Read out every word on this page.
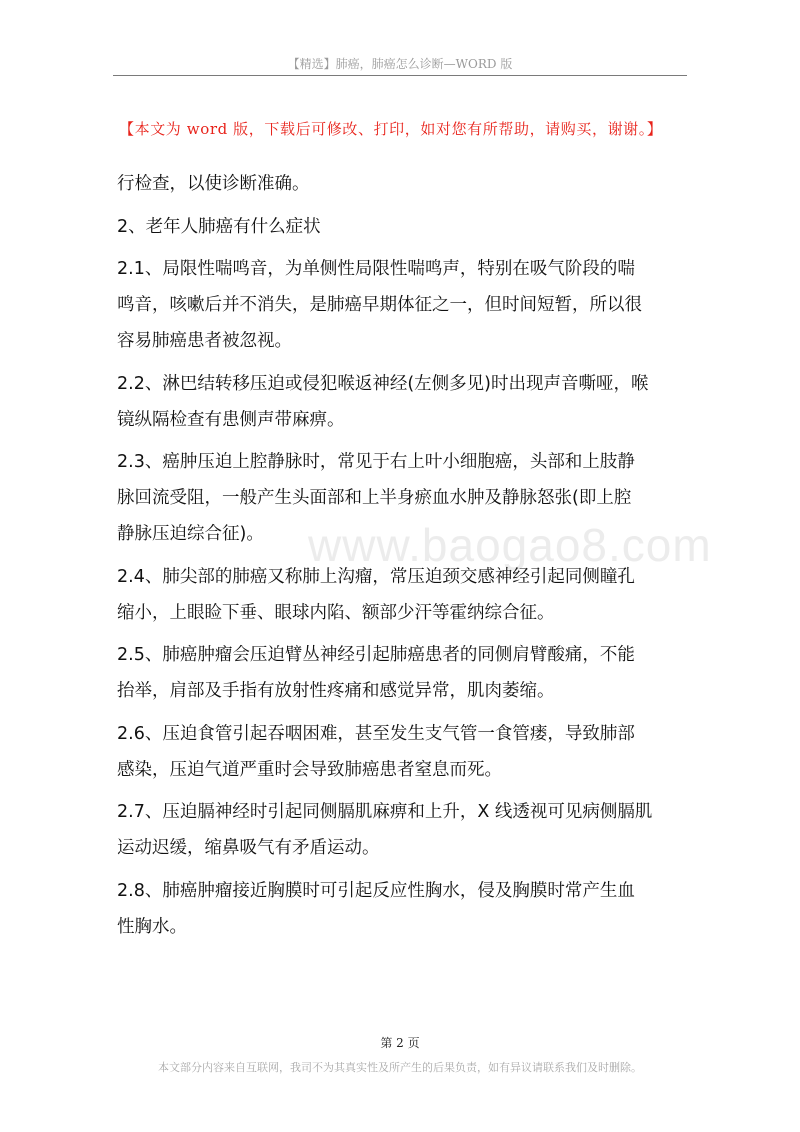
【精选】肺癌，肺癌怎么诊断—WORD 版
【本文为 word 版，下载后可修改、打印，如对您有所帮助，请购买，谢谢。】
www.baogao8.com

行检查，以使诊断准确。

2、老年人肺癌有什么症状

2.1、局限性喘鸣音，为单侧性局限性喘鸣声，特别在吸气阶段的喘
鸣音，咳嗽后并不消失，是肺癌早期体征之一，但时间短暂，所以很
容易肺癌患者被忽视。

2.2、淋巴结转移压迫或侵犯喉返神经(左侧多见)时出现声音嘶哑，喉
镜纵隔检查有患侧声带麻痹。

2.3、癌肿压迫上腔静脉时，常见于右上叶小细胞癌，头部和上肢静
脉回流受阻，一般产生头面部和上半身瘀血水肿及静脉怒张(即上腔
静脉压迫综合征)。

2.4、肺尖部的肺癌又称肺上沟瘤，常压迫颈交感神经引起同侧瞳孔
缩小，上眼睑下垂、眼球内陷、额部少汗等霍纳综合征。

2.5、肺癌肿瘤会压迫臂丛神经引起肺癌患者的同侧肩臂酸痛，不能
抬举，肩部及手指有放射性疼痛和感觉异常，肌肉萎缩。

2.6、压迫食管引起吞咽困难，甚至发生支气管一食管瘘，导致肺部
感染，压迫气道严重时会导致肺癌患者窒息而死。

2.7、压迫膈神经时引起同侧膈肌麻痹和上升，X 线透视可见病侧膈肌
运动迟缓，缩鼻吸气有矛盾运动。

2.8、肺癌肿瘤接近胸膜时可引起反应性胸水，侵及胸膜时常产生血
性胸水。

第 2 页
本文部分内容来自互联网，我司不为其真实性及所产生的后果负责，如有异议请联系我们及时删除。
